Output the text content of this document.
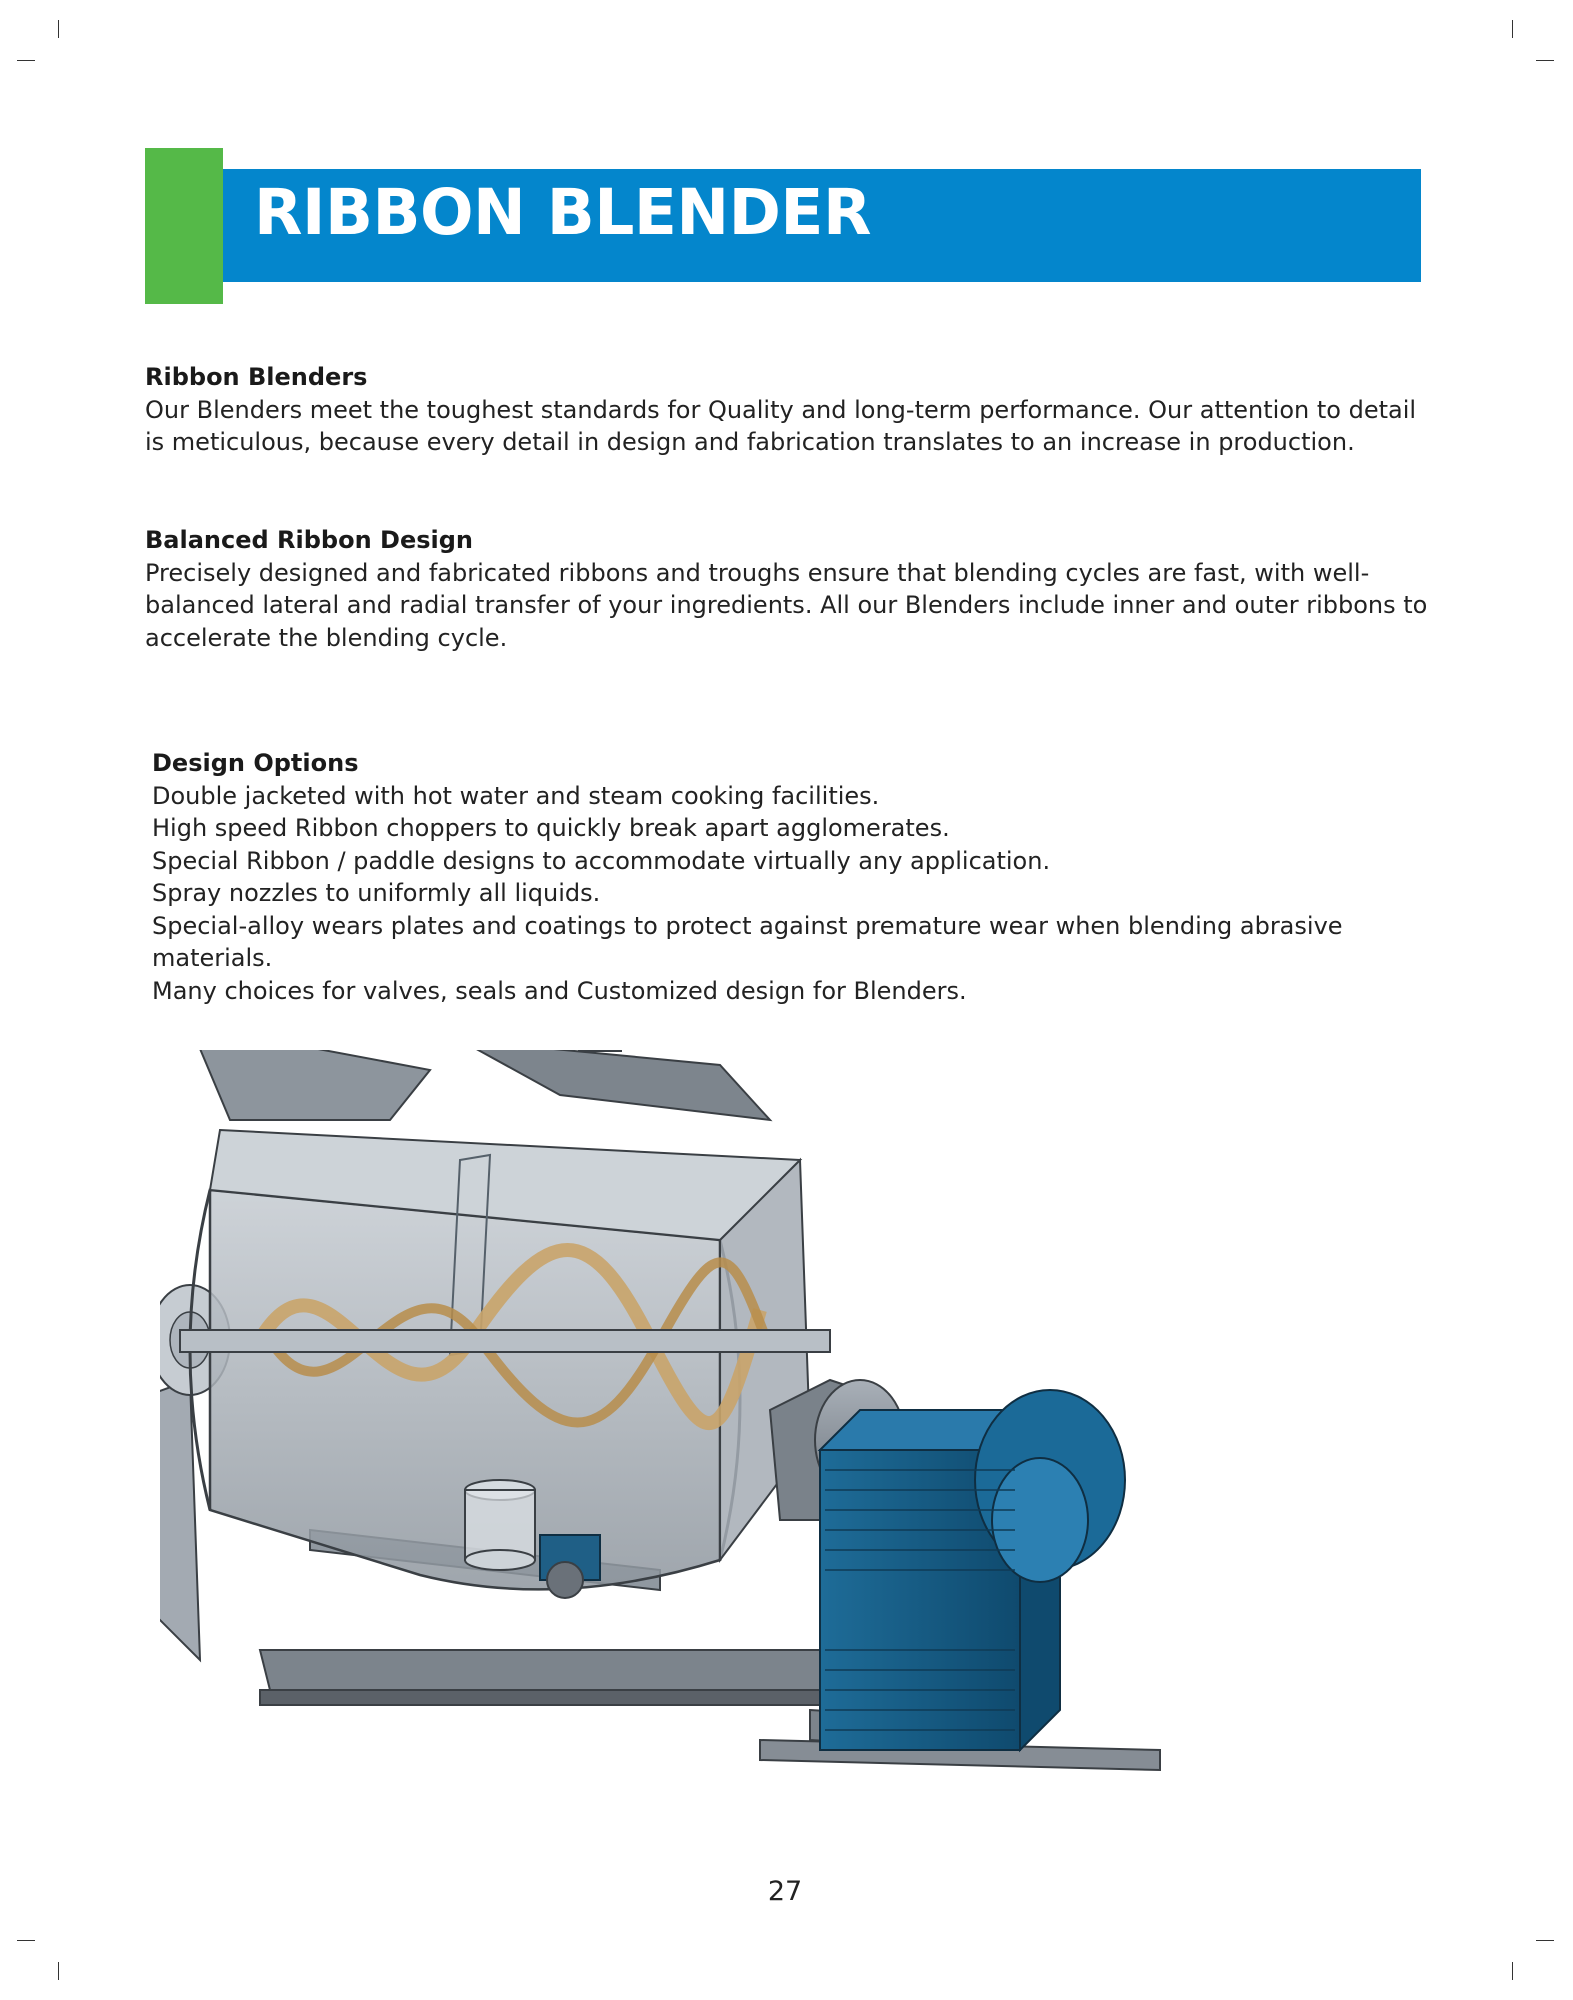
RIBBON BLENDER
Ribbon Blenders

Our Blenders meet the toughest standards for Quality and long-term performance. Our attention to detail is meticulous, because every detail in design and fabrication translates to an increase in production.

Balanced Ribbon Design

Precisely designed and fabricated ribbons and troughs ensure that blending cycles are fast, with well-balanced lateral and radial transfer of your ingredients. All our Blenders include inner and outer ribbons to accelerate the blending cycle.

Design Options
Double jacketed with hot water and steam cooking facilities.
High speed Ribbon choppers to quickly break apart agglomerates.
Special Ribbon / paddle designs to accommodate virtually any application.
Spray nozzles to uniformly all liquids.
Special-alloy wears plates and coatings to protect against premature wear when blending abrasive materials.
Many choices for valves, seals and Customized design for Blenders.
27
